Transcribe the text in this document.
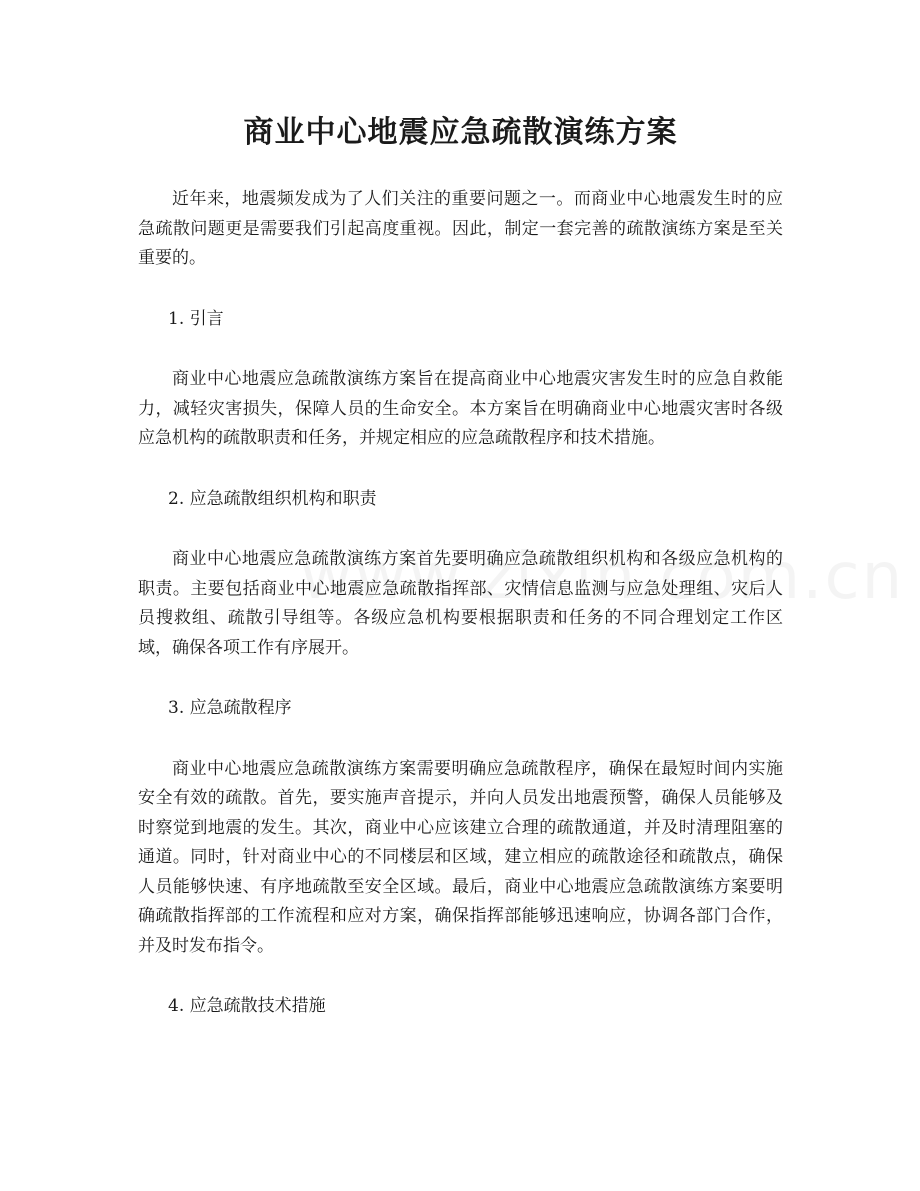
商业中心地震应急疏散演练方案

近年来，地震频发成为了人们关注的重要问题之一。而商业中心地震发生时的应急疏散问题更是需要我们引起高度重视。因此，制定一套完善的疏散演练方案是至关重要的。

1. 引言

商业中心地震应急疏散演练方案旨在提高商业中心地震灾害发生时的应急自救能力，减轻灾害损失，保障人员的生命安全。本方案旨在明确商业中心地震灾害时各级应急机构的疏散职责和任务，并规定相应的应急疏散程序和技术措施。

2. 应急疏散组织机构和职责

商业中心地震应急疏散演练方案首先要明确应急疏散组织机构和各级应急机构的职责。主要包括商业中心地震应急疏散指挥部、灾情信息监测与应急处理组、灾后人员搜救组、疏散引导组等。各级应急机构要根据职责和任务的不同合理划定工作区域，确保各项工作有序展开。

3. 应急疏散程序

商业中心地震应急疏散演练方案需要明确应急疏散程序，确保在最短时间内实施安全有效的疏散。首先，要实施声音提示，并向人员发出地震预警，确保人员能够及时察觉到地震的发生。其次，商业中心应该建立合理的疏散通道，并及时清理阻塞的通道。同时，针对商业中心的不同楼层和区域，建立相应的疏散途径和疏散点，确保人员能够快速、有序地疏散至安全区域。最后，商业中心地震应急疏散演练方案要明确疏散指挥部的工作流程和应对方案，确保指挥部能够迅速响应，协调各部门合作，并及时发布指令。

4. 应急疏散技术措施
